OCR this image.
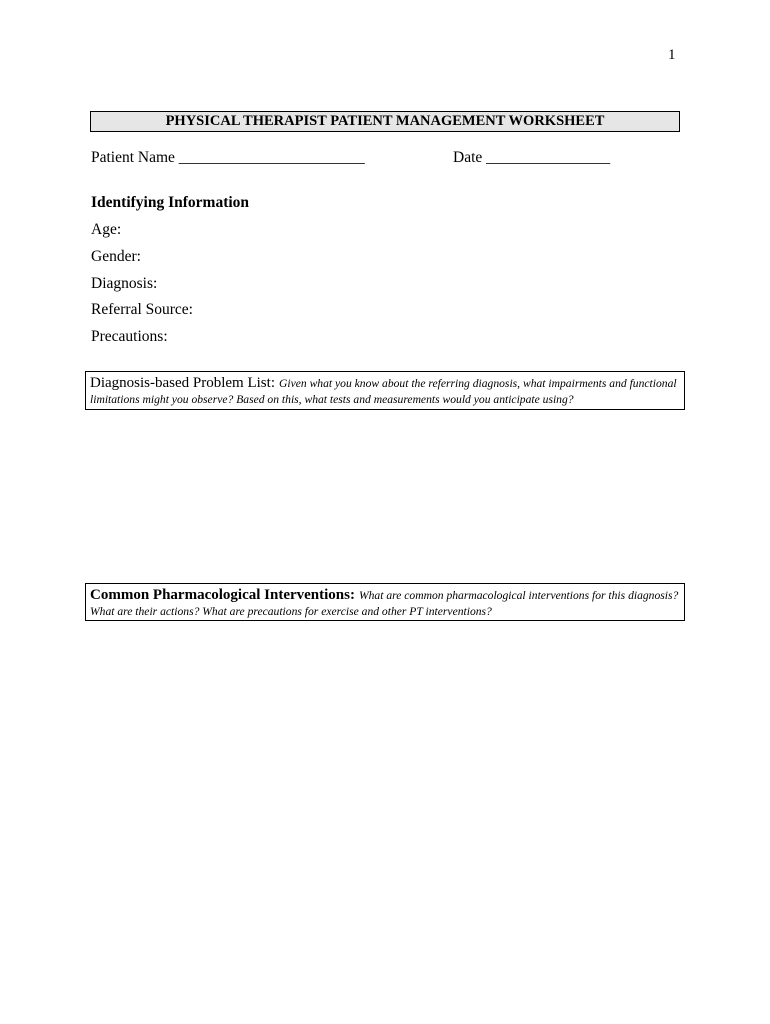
1
PHYSICAL THERAPIST PATIENT MANAGEMENT WORKSHEET
Patient Name ________________________	Date ________________
Identifying Information
Age:
Gender:
Diagnosis:
Referral Source:
Precautions:
Diagnosis-based Problem List: Given what you know about the referring diagnosis, what impairments and functional limitations might you observe? Based on this, what tests and measurements would you anticipate using?
Common Pharmacological Interventions: What are common pharmacological interventions for this diagnosis? What are their actions? What are precautions for exercise and other PT interventions?
